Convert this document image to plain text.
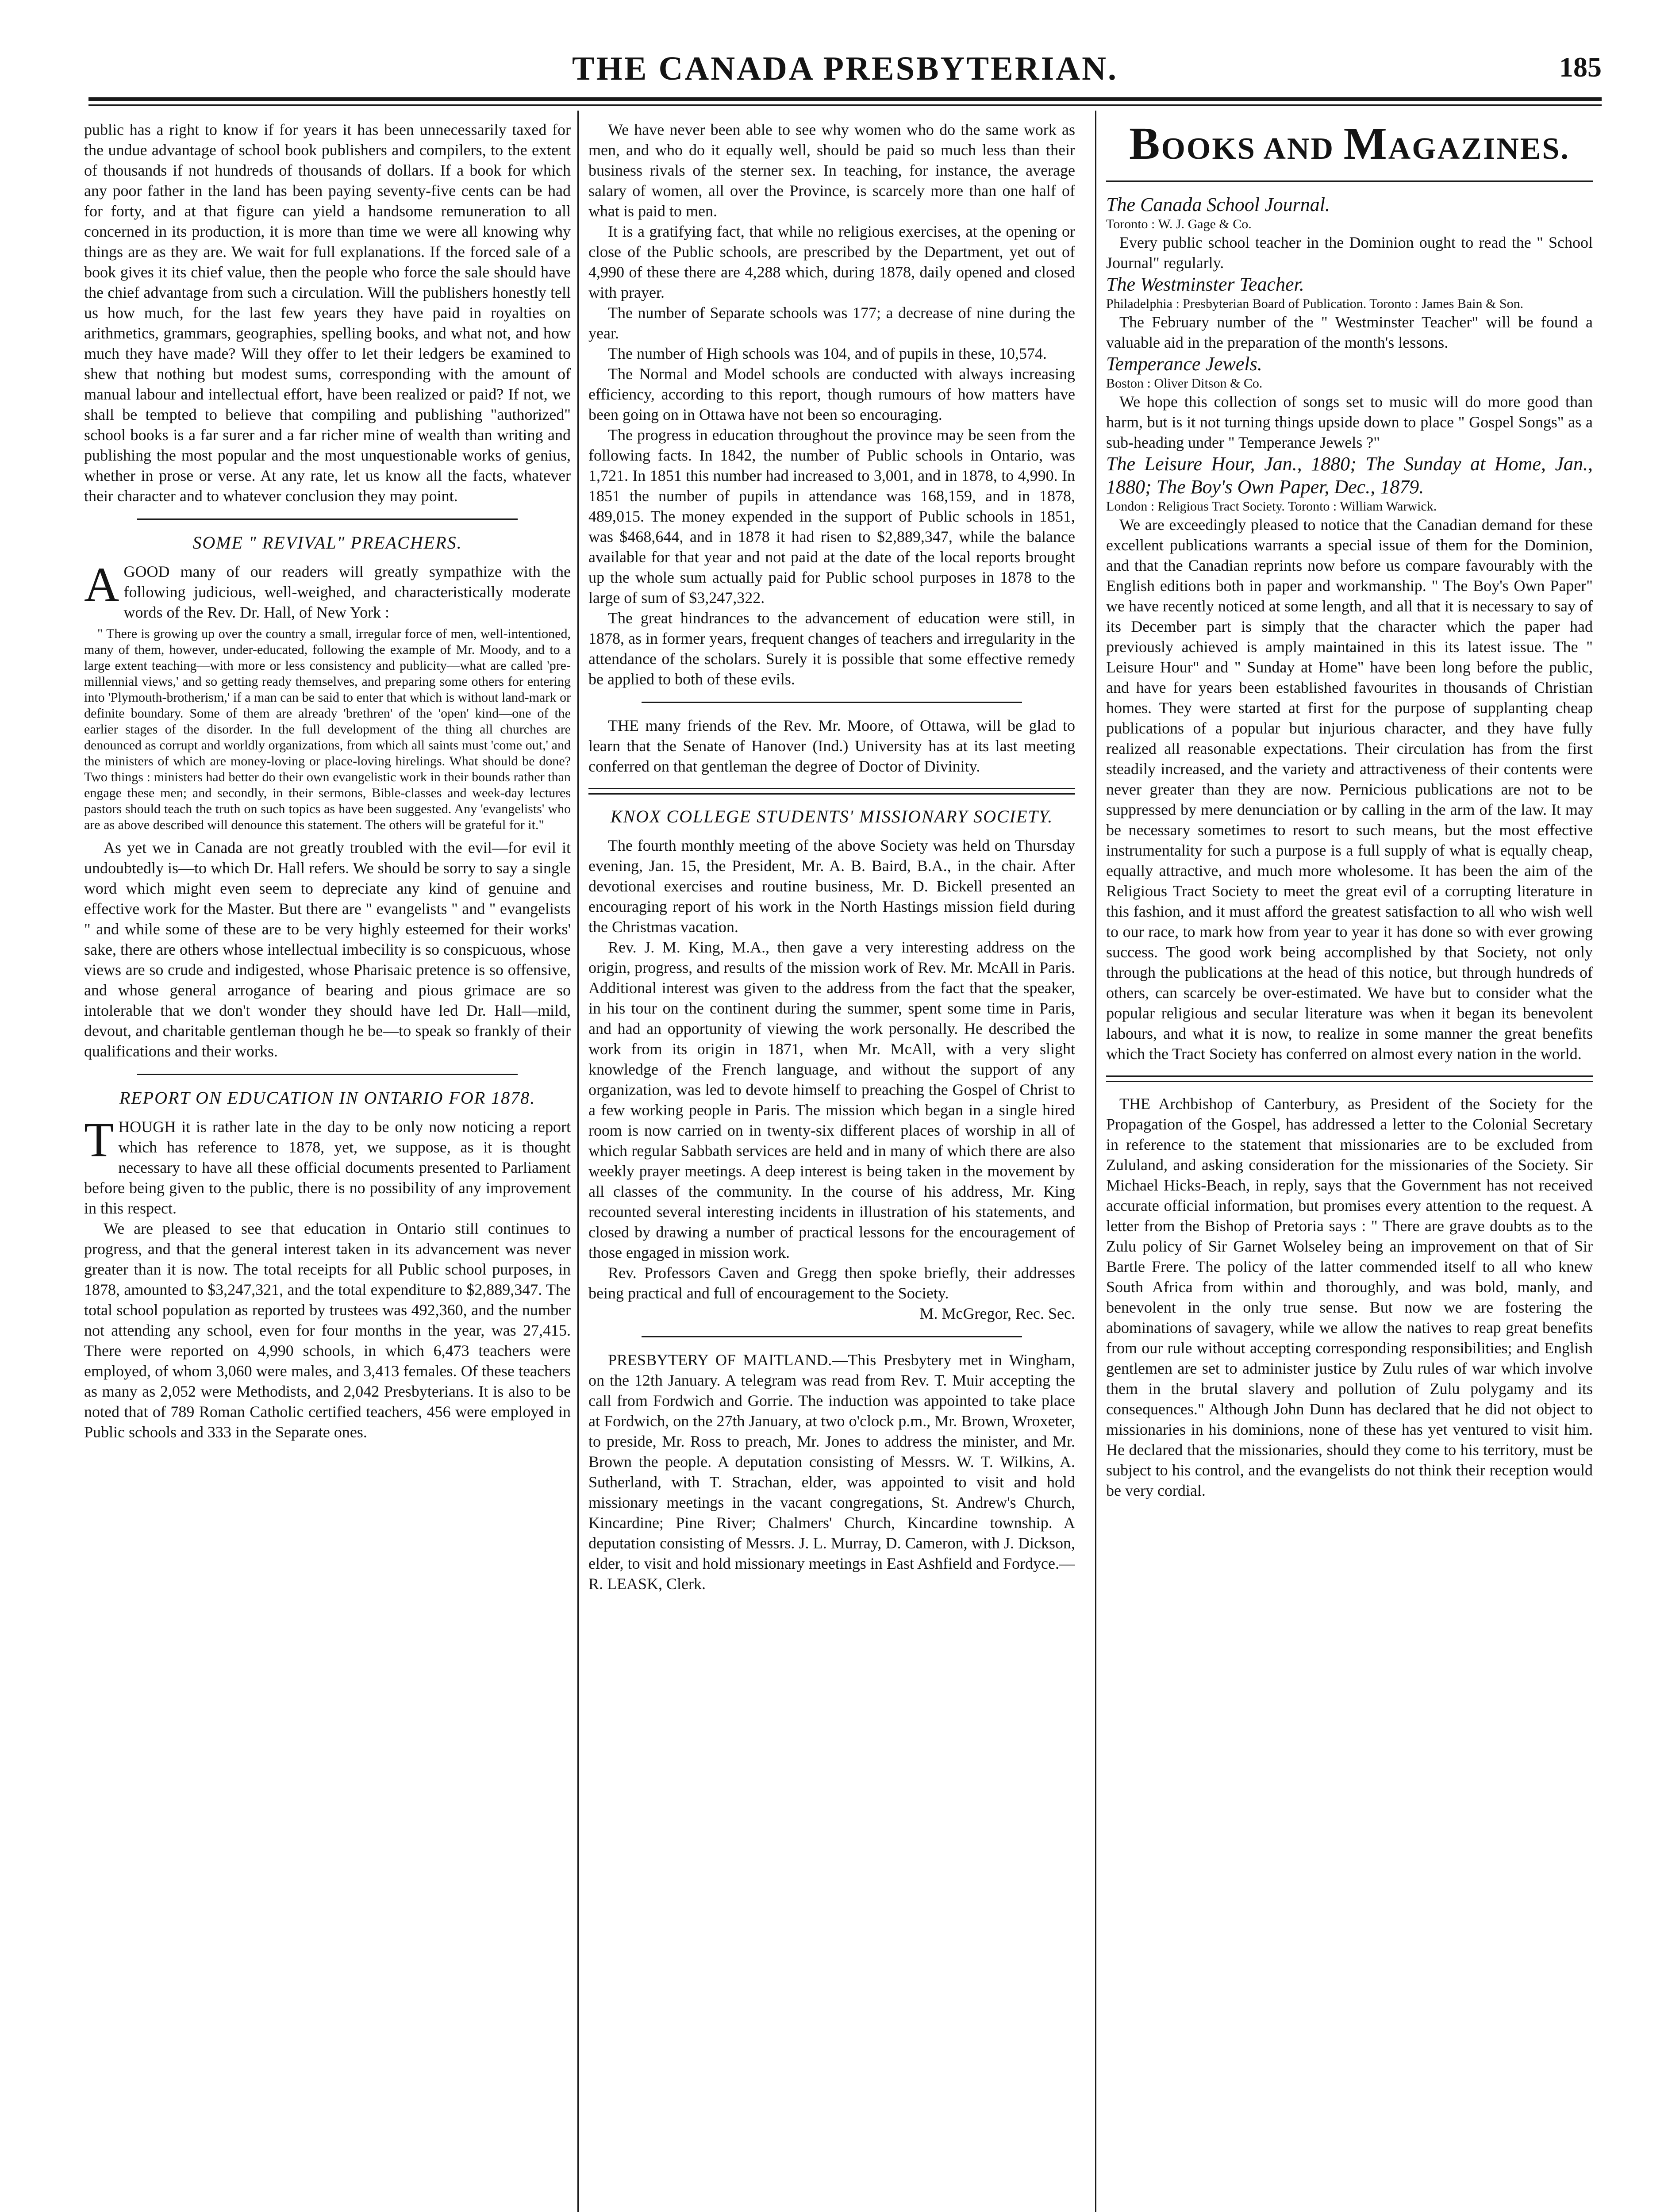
THE CANADA PRESBYTERIAN.	185

public has a right to know if for years it has been unnecessarily taxed for the undue advantage of school book publishers and compilers, to the extent of thousands if not hundreds of thousands of dollars. If a book for which any poor father in the land has been paying seventy-five cents can be had for forty, and at that figure can yield a handsome remuneration to all concerned in its production, it is more than time we were all knowing why things are as they are. We wait for full explanations. If the forced sale of a book gives it its chief value, then the people who force the sale should have the chief advantage from such a circulation. Will the publishers honestly tell us how much, for the last few years they have paid in royalties on arithmetics, grammars, geographies, spelling books, and what not, and how much they have made? Will they offer to let their ledgers be examined to shew that nothing but modest sums, corresponding with the amount of manual labour and intellectual effort, have been realized or paid? If not, we shall be tempted to believe that compiling and publishing "authorized" school books is a far surer and a far richer mine of wealth than writing and publishing the most popular and the most unquestionable works of genius, whether in prose or verse. At any rate, let us know all the facts, whatever their character and to whatever conclusion they may point.

SOME " REVIVAL" PREACHERS.

AGOOD many of our readers will greatly sympathize with the following judicious, well-weighed, and characteristically moderate words of the Rev. Dr. Hall, of New York :

" There is growing up over the country a small, irregular force of men, well-intentioned, many of them, however, under-educated, following the example of Mr. Moody, and to a large extent teaching—with more or less consistency and publicity—what are called 'pre-millennial views,' and so getting ready themselves, and preparing some others for entering into 'Plymouth-brotherism,' if a man can be said to enter that which is without land-mark or definite boundary. Some of them are already 'brethren' of the 'open' kind—one of the earlier stages of the disorder. In the full development of the thing all churches are denounced as corrupt and worldly organizations, from which all saints must 'come out,' and the ministers of which are money-loving or place-loving hirelings. What should be done? Two things : ministers had better do their own evangelistic work in their bounds rather than engage these men; and secondly, in their sermons, Bible-classes and week-day lectures pastors should teach the truth on such topics as have been suggested. Any 'evangelists' who are as above described will denounce this statement. The others will be grateful for it."

As yet we in Canada are not greatly troubled with the evil—for evil it undoubtedly is—to which Dr. Hall refers. We should be sorry to say a single word which might even seem to depreciate any kind of genuine and effective work for the Master. But there are " evangelists " and " evangelists " and while some of these are to be very highly esteemed for their works' sake, there are others whose intellectual imbecility is so conspicuous, whose views are so crude and indigested, whose Pharisaic pretence is so offensive, and whose general arrogance of bearing and pious grimace are so intolerable that we don't wonder they should have led Dr. Hall—mild, devout, and charitable gentleman though he be—to speak so frankly of their qualifications and their works.

REPORT ON EDUCATION IN ONTARIO FOR 1878.

THOUGH it is rather late in the day to be only now noticing a report which has reference to 1878, yet, we suppose, as it is thought necessary to have all these official documents presented to Parliament before being given to the public, there is no possibility of any improvement in this respect.

We are pleased to see that education in Ontario still continues to progress, and that the general interest taken in its advancement was never greater than it is now. The total receipts for all Public school purposes, in 1878, amounted to $3,247,321, and the total expenditure to $2,889,347. The total school population as reported by trustees was 492,360, and the number not attending any school, even for four months in the year, was 27,415. There were reported on 4,990 schools, in which 6,473 teachers were employed, of whom 3,060 were males, and 3,413 females. Of these teachers as many as 2,052 were Methodists, and 2,042 Presbyterians. It is also to be noted that of 789 Roman Catholic certified teachers, 456 were employed in Public schools and 333 in the Separate ones.

We have never been able to see why women who do the same work as men, and who do it equally well, should be paid so much less than their business rivals of the sterner sex. In teaching, for instance, the average salary of women, all over the Province, is scarcely more than one half of what is paid to men.

It is a gratifying fact, that while no religious exercises, at the opening or close of the Public schools, are prescribed by the Department, yet out of 4,990 of these there are 4,288 which, during 1878, daily opened and closed with prayer.

The number of Separate schools was 177; a decrease of nine during the year.

The number of High schools was 104, and of pupils in these, 10,574.

The Normal and Model schools are conducted with always increasing efficiency, according to this report, though rumours of how matters have been going on in Ottawa have not been so encouraging.

The progress in education throughout the province may be seen from the following facts. In 1842, the number of Public schools in Ontario, was 1,721. In 1851 this number had increased to 3,001, and in 1878, to 4,990. In 1851 the number of pupils in attendance was 168,159, and in 1878, 489,015. The money expended in the support of Public schools in 1851, was $468,644, and in 1878 it had risen to $2,889,347, while the balance available for that year and not paid at the date of the local reports brought up the whole sum actually paid for Public school purposes in 1878 to the large of sum of $3,247,322.

The great hindrances to the advancement of education were still, in 1878, as in former years, frequent changes of teachers and irregularity in the attendance of the scholars. Surely it is possible that some effective remedy be applied to both of these evils.

THE many friends of the Rev. Mr. Moore, of Ottawa, will be glad to learn that the Senate of Hanover (Ind.) University has at its last meeting conferred on that gentleman the degree of Doctor of Divinity.

KNOX COLLEGE STUDENTS' MISSIONARY SOCIETY.

The fourth monthly meeting of the above Society was held on Thursday evening, Jan. 15, the President, Mr. A. B. Baird, B.A., in the chair. After devotional exercises and routine business, Mr. D. Bickell presented an encouraging report of his work in the North Hastings mission field during the Christmas vacation.

Rev. J. M. King, M.A., then gave a very interesting address on the origin, progress, and results of the mission work of Rev. Mr. McAll in Paris. Additional interest was given to the address from the fact that the speaker, in his tour on the continent during the summer, spent some time in Paris, and had an opportunity of viewing the work personally. He described the work from its origin in 1871, when Mr. McAll, with a very slight knowledge of the French language, and without the support of any organization, was led to devote himself to preaching the Gospel of Christ to a few working people in Paris. The mission which began in a single hired room is now carried on in twenty-six different places of worship in all of which regular Sabbath services are held and in many of which there are also weekly prayer meetings. A deep interest is being taken in the movement by all classes of the community. In the course of his address, Mr. King recounted several interesting incidents in illustration of his statements, and closed by drawing a number of practical lessons for the encouragement of those engaged in mission work.

Rev. Professors Caven and Gregg then spoke briefly, their addresses being practical and full of encouragement to the Society.

M. McGregor, Rec. Sec.

PRESBYTERY OF MAITLAND.—This Presbytery met in Wingham, on the 12th January. A telegram was read from Rev. T. Muir accepting the call from Fordwich and Gorrie. The induction was appointed to take place at Fordwich, on the 27th January, at two o'clock p.m., Mr. Brown, Wroxeter, to preside, Mr. Ross to preach, Mr. Jones to address the minister, and Mr. Brown the people. A deputation consisting of Messrs. W. T. Wilkins, A. Sutherland, with T. Strachan, elder, was appointed to visit and hold missionary meetings in the vacant congregations, St. Andrew's Church, Kincardine; Pine River; Chalmers' Church, Kincardine township. A deputation consisting of Messrs. J. L. Murray, D. Cameron, with J. Dickson, elder, to visit and hold missionary meetings in East Ashfield and Fordyce.—R. LEASK, Clerk.

BOOKS AND MAGAZINES.

The Canada School Journal.

Toronto : W. J. Gage & Co.

Every public school teacher in the Dominion ought to read the " School Journal" regularly.

The Westminster Teacher.

Philadelphia : Presbyterian Board of Publication. Toronto : James Bain & Son.

The February number of the " Westminster Teacher" will be found a valuable aid in the preparation of the month's lessons.

Temperance Jewels.

Boston : Oliver Ditson & Co.

We hope this collection of songs set to music will do more good than harm, but is it not turning things upside down to place " Gospel Songs" as a sub-heading under " Temperance Jewels ?"

The Leisure Hour, Jan., 1880; The Sunday at Home, Jan., 1880; The Boy's Own Paper, Dec., 1879.

London : Religious Tract Society. Toronto : William Warwick.

We are exceedingly pleased to notice that the Canadian demand for these excellent publications warrants a special issue of them for the Dominion, and that the Canadian reprints now before us compare favourably with the English editions both in paper and workmanship. " The Boy's Own Paper" we have recently noticed at some length, and all that it is necessary to say of its December part is simply that the character which the paper had previously achieved is amply maintained in this its latest issue. The " Leisure Hour" and " Sunday at Home" have been long before the public, and have for years been established favourites in thousands of Christian homes. They were started at first for the purpose of supplanting cheap publications of a popular but injurious character, and they have fully realized all reasonable expectations. Their circulation has from the first steadily increased, and the variety and attractiveness of their contents were never greater than they are now. Pernicious publications are not to be suppressed by mere denunciation or by calling in the arm of the law. It may be necessary sometimes to resort to such means, but the most effective instrumentality for such a purpose is a full supply of what is equally cheap, equally attractive, and much more wholesome. It has been the aim of the Religious Tract Society to meet the great evil of a corrupting literature in this fashion, and it must afford the greatest satisfaction to all who wish well to our race, to mark how from year to year it has done so with ever growing success. The good work being accomplished by that Society, not only through the publications at the head of this notice, but through hundreds of others, can scarcely be over-estimated. We have but to consider what the popular religious and secular literature was when it began its benevolent labours, and what it is now, to realize in some manner the great benefits which the Tract Society has conferred on almost every nation in the world.

THE Archbishop of Canterbury, as President of the Society for the Propagation of the Gospel, has addressed a letter to the Colonial Secretary in reference to the statement that missionaries are to be excluded from Zululand, and asking consideration for the missionaries of the Society. Sir Michael Hicks-Beach, in reply, says that the Government has not received accurate official information, but promises every attention to the request. A letter from the Bishop of Pretoria says : " There are grave doubts as to the Zulu policy of Sir Garnet Wolseley being an improvement on that of Sir Bartle Frere. The policy of the latter commended itself to all who knew South Africa from within and thoroughly, and was bold, manly, and benevolent in the only true sense. But now we are fostering the abominations of savagery, while we allow the natives to reap great benefits from our rule without accepting corresponding responsibilities; and English gentlemen are set to administer justice by Zulu rules of war which involve them in the brutal slavery and pollution of Zulu polygamy and its consequences." Although John Dunn has declared that he did not object to missionaries in his dominions, none of these has yet ventured to visit him. He declared that the missionaries, should they come to his territory, must be subject to his control, and the evangelists do not think their reception would be very cordial.
